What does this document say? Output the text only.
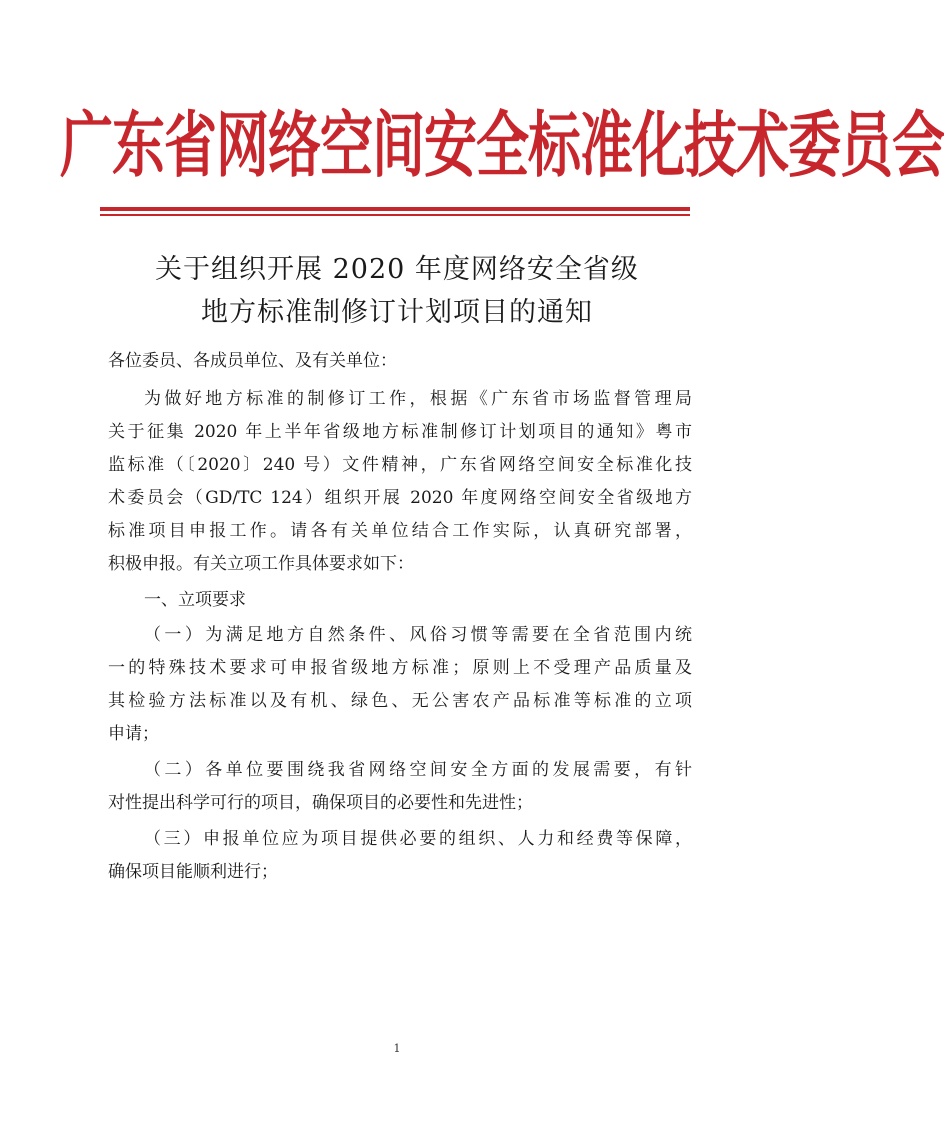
广东省网络空间安全标准化技术委员会
关于组织开展 2020 年度网络安全省级
地方标准制修订计划项目的通知
各位委员、各成员单位、及有关单位：
为做好地方标准的制修订工作，根据《广东省市场监督管理局
关于征集 2020 年上半年省级地方标准制修订计划项目的通知》粤市
监标准（〔2020〕240 号）文件精神，广东省网络空间安全标准化技
术委员会（GD/TC 124）组织开展 2020 年度网络空间安全省级地方
标准项目申报工作。请各有关单位结合工作实际，认真研究部署，
积极申报。有关立项工作具体要求如下：
一、立项要求
（一）为满足地方自然条件、风俗习惯等需要在全省范围内统
一的特殊技术要求可申报省级地方标准；原则上不受理产品质量及
其检验方法标准以及有机、绿色、无公害农产品标准等标准的立项
申请；
（二）各单位要围绕我省网络空间安全方面的发展需要，有针
对性提出科学可行的项目，确保项目的必要性和先进性；
（三）申报单位应为项目提供必要的组织、人力和经费等保障，
确保项目能顺利进行；
1
